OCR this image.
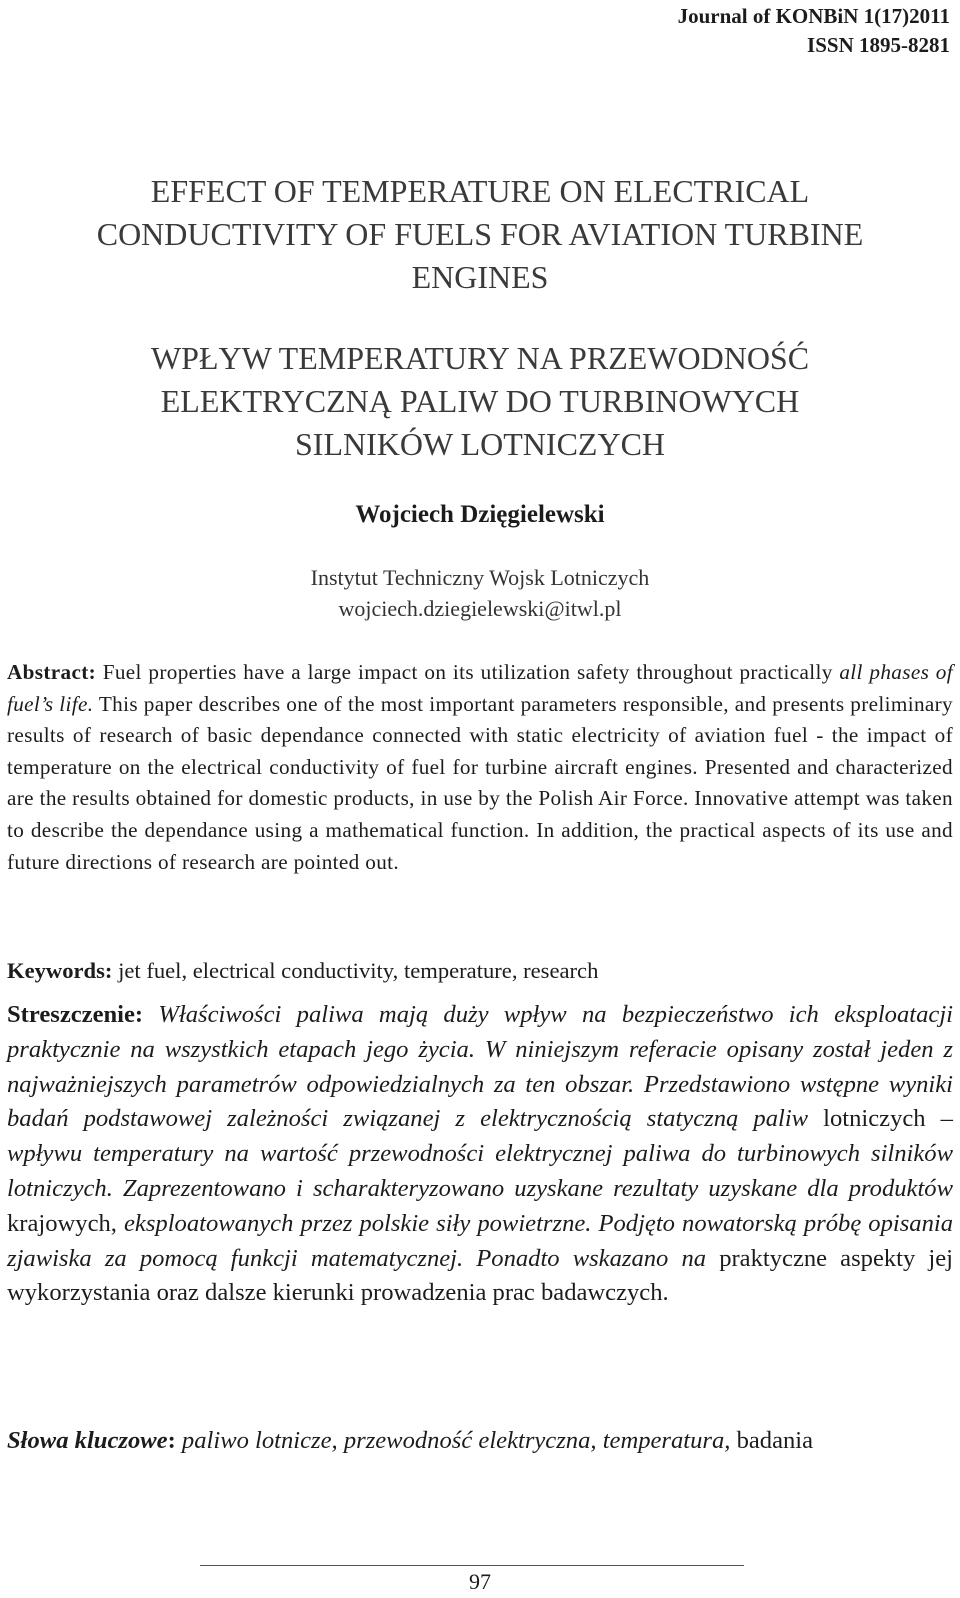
Journal of KONBiN 1(17)2011
ISSN 1895-8281
EFFECT OF TEMPERATURE ON ELECTRICAL
CONDUCTIVITY OF FUELS FOR AVIATION TURBINE
ENGINES
WPŁYW TEMPERATURY NA PRZEWODNOŚĆ
ELEKTRYCZNĄ PALIW DO TURBINOWYCH
SILNIKÓW LOTNICZYCH
Wojciech Dzięgielewski
Instytut Techniczny Wojsk Lotniczych
wojciech.dziegielewski@itwl.pl

Abstract: Fuel properties have a large impact on its utilization safety throughout practically all phases of fuel’s life. This paper describes one of the most important parameters responsible, and presents preliminary results of research of basic dependance connected with static electricity of aviation fuel - the impact of temperature on the electrical conductivity of fuel for turbine aircraft engines. Presented and characterized are the results obtained for domestic products, in use by the Polish Air Force. Innovative attempt was taken to describe the dependance using a mathematical function. In addition, the practical aspects of its use and future directions of research are pointed out.

Keywords: jet fuel, electrical conductivity, temperature, research

Streszczenie: Właściwości paliwa mają duży wpływ na bezpieczeństwo ich eksploatacji praktycznie na wszystkich etapach jego życia. W niniejszym referacie opisany został jeden z najważniejszych parametrów odpowiedzialnych za ten obszar. Przedstawiono wstępne wyniki badań podstawowej zależności związanej z elektrycznością statyczną paliw lotniczych – wpływu temperatury na wartość przewodności elektrycznej paliwa do turbinowych silników lotniczych. Zaprezentowano i scharakteryzowano uzyskane rezultaty uzyskane dla produktów krajowych, eksploatowanych przez polskie siły powietrzne. Podjęto nowatorską próbę opisania zjawiska za pomocą funkcji matematycznej. Ponadto wskazano na praktyczne aspekty jej wykorzystania oraz dalsze kierunki prowadzenia prac badawczych.

Słowa kluczowe: paliwo lotnicze, przewodność elektryczna, temperatura, badania

97
